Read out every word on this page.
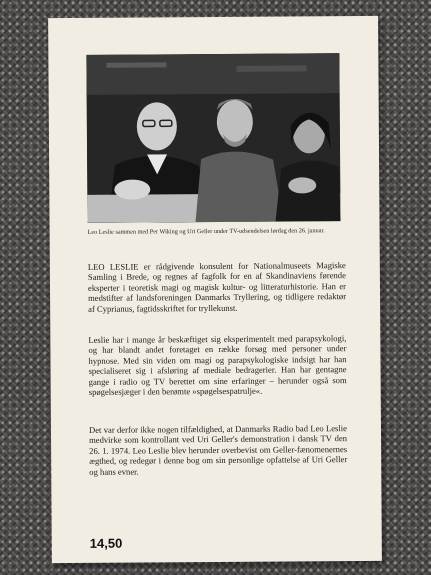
Leo Leslie sammen med Per Wiking og Uri Geller under TV-udsendelsen lørdag den 26. januar.

LEO LESLIE er rådgivende konsulent for Nationalmuseets Magiske Samling i Brede, og regnes af fagfolk for en af Skandinaviens førende eksperter i teoretisk magi og magisk kultur- og litteraturhistorie. Han er medstifter af landsforeningen Danmarks Tryllering, og tidligere redaktør af Cyprianus, fagtidsskriftet for tryllekunst.

Leslie har i mange år beskæftiget sig eksperimentelt med parapsykologi, og har blandt andet foretaget en række forsøg med personer under hypnose. Med sin viden om magi og parapsykologiske indsigt har han specialiseret sig i afsløring af mediale bedragerier. Han har gentagne gange i radio og TV berettet om sine erfaringer – herunder også som spøgelsesjæger i den berømte »spøgelsespatrulje«.

Det var derfor ikke nogen tilfældighed, at Danmarks Radio bad Leo Leslie medvirke som kontrollant ved Uri Geller's demonstration i dansk TV den 26. 1. 1974. Leo Leslie blev herunder overbevist om Geller-fænomenernes ægthed, og redegør i denne bog om sin personlige opfattelse af Uri Geller og hans evner.

14,50
